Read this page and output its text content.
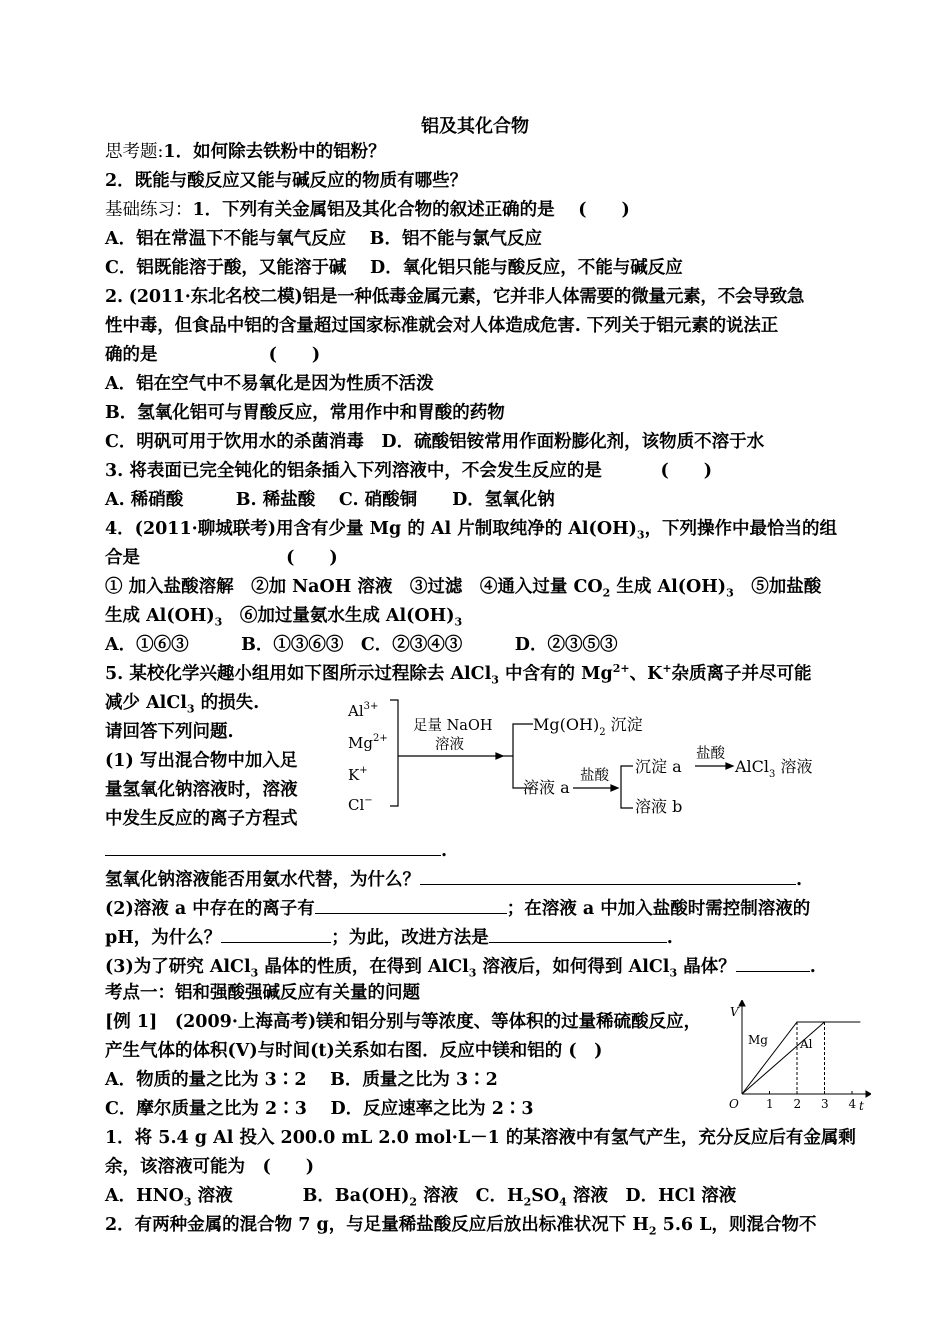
铝及其化合物
思考题:1．如何除去铁粉中的铝粉？
2．既能与酸反应又能与碱反应的物质有哪些？
基础练习：1．下列有关金属铝及其化合物的叙述正确的是　 (　　)
A．铝在常温下不能与氧气反应　 B．铝不能与氯气反应
C．铝既能溶于酸，又能溶于碱　 D．氧化铝只能与酸反应，不能与碱反应
2. (2011·东北名校二模)铝是一种低毒金属元素，它并非人体需要的微量元素，不会导致急
性中毒，但食品中铝的含量超过国家标准就会对人体造成危害. 下列关于铝元素的说法正
确的是　　　　　　 (　　)
A．铝在空气中不易氧化是因为性质不活泼
B．氢氧化铝可与胃酸反应，常用作中和胃酸的药物
C．明矾可用于饮用水的杀菌消毒　D．硫酸铝铵常用作面粉膨化剂，该物质不溶于水
3. 将表面已完全钝化的铝条插入下列溶液中，不会发生反应的是　　　 (　　)
A. 稀硝酸　　　B. 稀盐酸　 C. 硝酸铜　　D．氢氧化钠
4．(2011·聊城联考)用含有少量 Mg 的 Al 片制取纯净的 $Al(OH)_3$，下列操作中最恰当的组
合是　　　　　　　　 (　　)
① 加入盐酸溶解　②加 NaOH 溶液　③过滤　④通入过量 $CO_2$ 生成 $Al(OH)_3$　⑤加盐酸
生成 $Al(OH)_3$　⑥加过量氨水生成 $Al(OH)_3$
A．①⑥③　　　B．①③⑥③　C．②③④③　　　D．②③⑤③
5. 某校化学兴趣小组用如下图所示过程除去 AlCl$_3$ 中含有的 $Mg^{2+}$、K+杂质离子并尽可能
减少 AlCl$_3$ 的损失.
请回答下列问题.
(1) 写出混合物中加入足
量氢氧化钠溶液时，溶液
中发生反应的离子方程式
.
$Al^{3+}$
$Mg^{2+}$
K+
Cl−
足量 NaOH
溶液
$Mg(OH)_2$ 沉淀
溶液 a
盐酸 沉淀 a
盐酸
AlCl$_3$ 溶液
溶液 b
氢氧化钠溶液能否用氨水代替，为什么？	.
(2)溶液 a 中存在的离子有	；在溶液 a 中加入盐酸时需控制溶液的
pH，为什么？	；为此，改进方法是	.
(3)为了研究 AlCl$_3$ 晶体的性质，在得到 AlCl$_3$ 溶液后，如何得到 AlCl$_3$ 晶体？	.
考点一：铝和强酸强碱反应有关量的问题
[例 1]　(2009·上海高考)镁和铝分别与等浓度、等体积的过量稀硫酸反应，
产生气体的体积(V)与时间(t)关系如右图．反应中镁和铝的 (　)
A．物质的量之比为 3∶2　 B．质量之比为 3∶2
C．摩尔质量之比为 2∶3　 D．反应速率之比为 2∶3
V
t
O 1 2 3 4
Mg	Al
1．将 5.4 g Al 投入 200.0 mL 2.0 mol·L－1 的某溶液中有氢气产生，充分反应后有金属剩
余，该溶液可能为　(　　)
A．$HNO_3$ 溶液　　　　B．$Ba(OH)_2$ 溶液　C．$H_2SO_4$ 溶液　D．HCl 溶液
2．有两种金属的混合物 7 g，与足量稀盐酸反应后放出标准状况下 $H_2$ 5.6 L，则混合物不
